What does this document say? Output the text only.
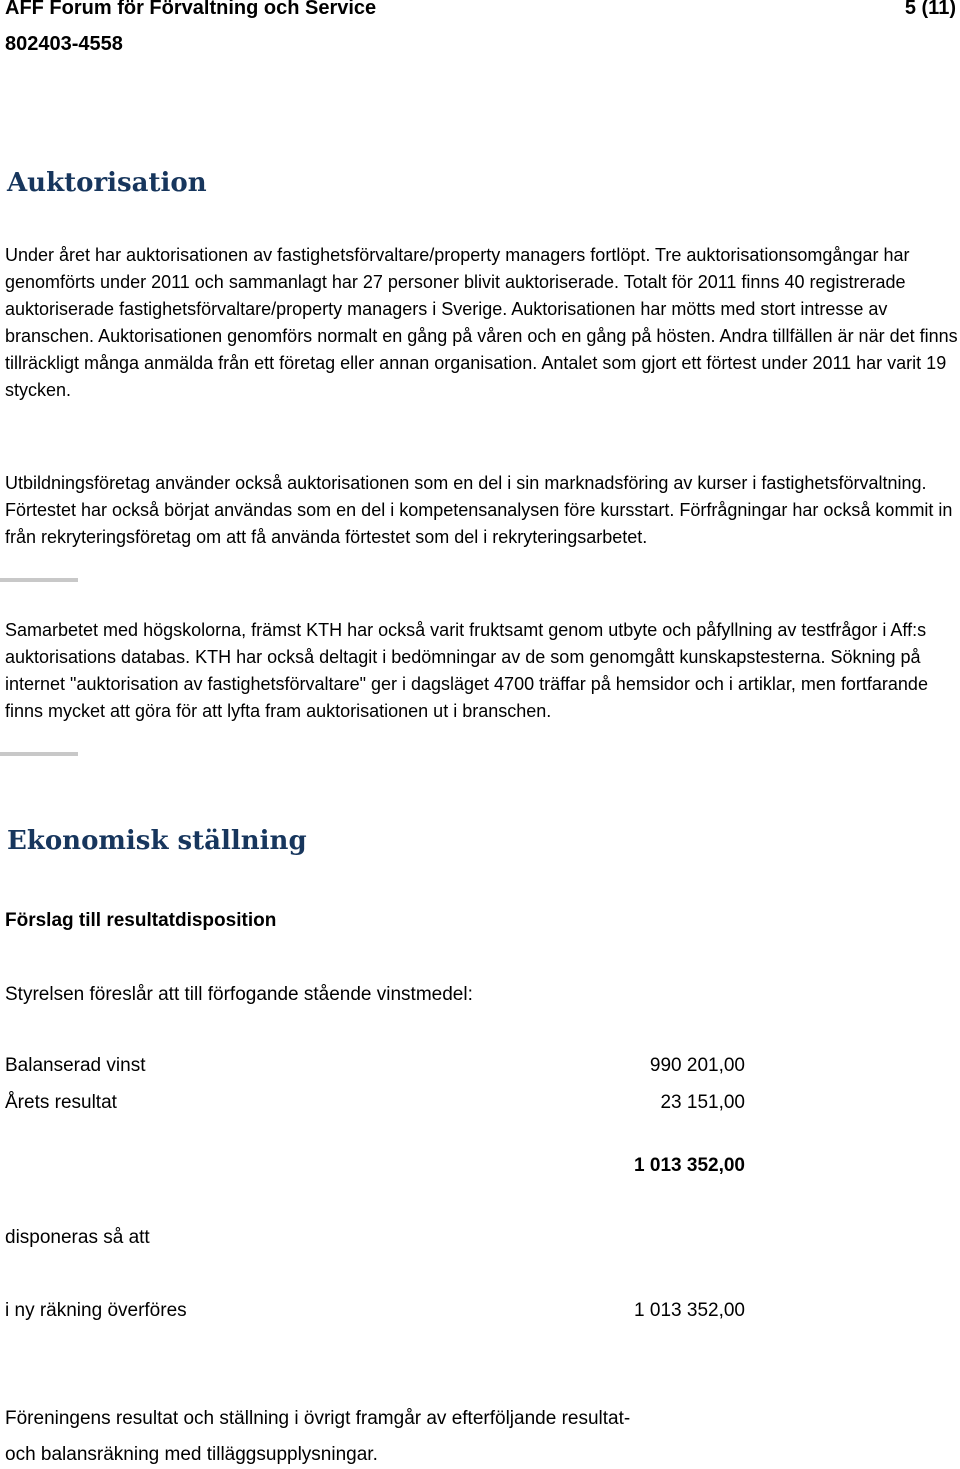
AFF Forum för Förvaltning och Service	5 (11)
802403-4558
Auktorisation
Under året har auktorisationen av fastighetsförvaltare/property managers fortlöpt. Tre auktorisationsomgångar har genomförts under 2011 och sammanlagt har 27 personer blivit auktoriserade. Totalt för 2011 finns 40 registrerade auktoriserade fastighetsförvaltare/property managers i Sverige. Auktorisationen har mötts med stort intresse av branschen. Auktorisationen genomförs normalt en gång på våren och en gång på hösten. Andra tillfällen är när det finns tillräckligt många anmälda från ett företag eller annan organisation. Antalet som gjort ett förtest under 2011 har varit 19 stycken.
Utbildningsföretag använder också auktorisationen som en del i sin marknadsföring av kurser i fastighetsförvaltning. Förtestet har också börjat användas som en del i kompetensanalysen före kursstart. Förfrågningar har också kommit in från rekryteringsföretag om att få använda förtestet som del i rekryteringsarbetet.
Samarbetet med högskolorna, främst KTH har också varit fruktsamt genom utbyte och påfyllning av testfrågor i Aff:s auktorisations databas. KTH har också deltagit i bedömningar av de som genomgått kunskapstesterna. Sökning på internet "auktorisation av fastighetsförvaltare" ger i dagsläget 4700 träffar på hemsidor och i artiklar, men fortfarande finns mycket att göra för att lyfta fram auktorisationen ut i branschen.
Ekonomisk ställning
Förslag till resultatdisposition
Styrelsen föreslår att till förfogande stående vinstmedel:
Balanserad vinst	990 201,00
Årets resultat	23 151,00
1 013 352,00
disponeras så att
i ny räkning överföres	1 013 352,00
Föreningens resultat och ställning i övrigt framgår av efterföljande resultat-
och balansräkning med tilläggsupplysningar.
